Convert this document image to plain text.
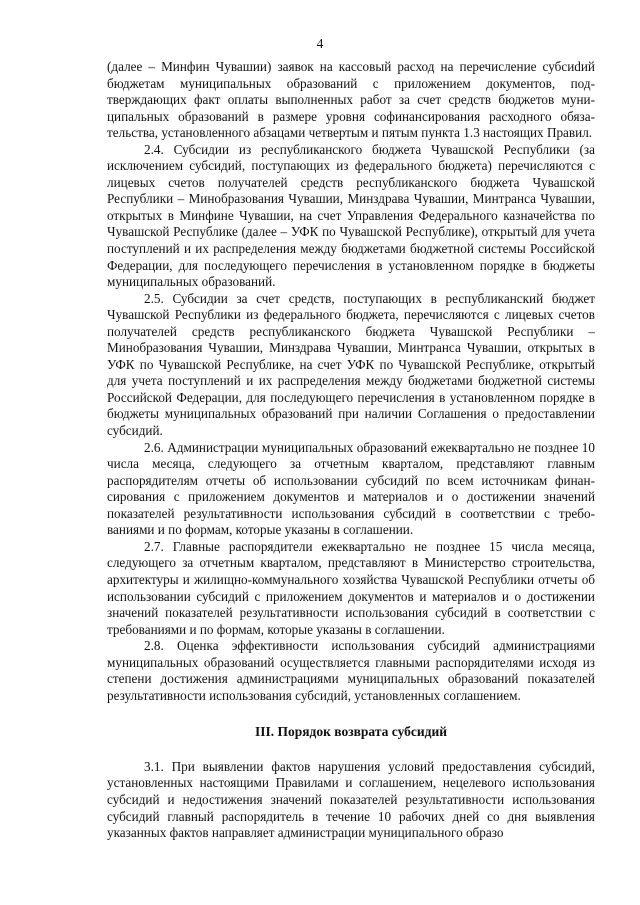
4

(далее – Минфин Чувашии) заявок на кассовый расход на перечисление субсиdий бюджетам муниципальных образований с приложением документов, подтверждающих факт оплаты выполненных работ за счет средств бюджетов муниципальных образований в размере уровня софинансирования расходного обязательства, установленного абзацами четвертым и пятым пункта 1.3 настоящих Правил.

2.4. Субсидии из республиканского бюджета Чувашской Республики (за исключением субсидий, поступающих из федерального бюджета) перечисляются с лицевых счетов получателей средств республиканского бюджета Чувашской Республики – Минобразования Чувашии, Минздрава Чувашии, Минтранса Чувашии, открытых в Минфине Чувашии, на счет Управления Федерального казначейства по Чувашской Республике (далее – УФК по Чувашской Республике), открытый для учета поступлений и их распределения между бюджетами бюджетной системы Российской Федерации, для последующего перечисления в установленном порядке в бюджеты муниципальных образований.

2.5. Субсидии за счет средств, поступающих в республиканский бюджет Чувашской Республики из федерального бюджета, перечисляются с лицевых счетов получателей средств республиканского бюджета Чувашской Республики – Минобразования Чувашии, Минздрава Чувашии, Минтранса Чувашии, открытых в УФК по Чувашской Республике, на счет УФК по Чувашской Республике, открытый для учета поступлений и их распределения между бюджетами бюджетной системы Российской Федерации, для последующего перечисления в установленном порядке в бюджеты муниципальных образований при наличии Соглашения о предоставлении субсидий.

2.6. Администрации муниципальных образований ежеквартально не позднее 10 числа месяца, следующего за отчетным кварталом, представляют главным распорядителям отчеты об использовании субсидий по всем источникам финансирования с приложением документов и материалов и о достижении значений показателей результативности использования субсидий в соответствии с требованиями и по формам, которые указаны в соглашении.

2.7. Главные распорядители ежеквартально не позднее 15 числа месяца, следующего за отчетным кварталом, представляют в Министерство строительства, архитектуры и жилищно-коммунального хозяйства Чувашской Республики отчеты об использовании субсидий с приложением документов и материалов и о достижении значений показателей результативности использования субсидий в соответствии с требованиями и по формам, которые указаны в соглашении.

2.8. Оценка эффективности использования субсидий администрациями муниципальных образований осуществляется главными распорядителями исходя из степени достижения администрациями муниципальных образований показателей результативности использования субсидий, установленных соглашением.

III. Порядок возврата субсидий

3.1. При выявлении фактов нарушения условий предоставления субсидий, установленных настоящими Правилами и соглашением, нецелевого использования субсидий и недостижения значений показателей результативности использования субсидий главный распорядитель в течение 10 рабочих дней со дня выявления указанных фактов направляет администрации муниципального образо
